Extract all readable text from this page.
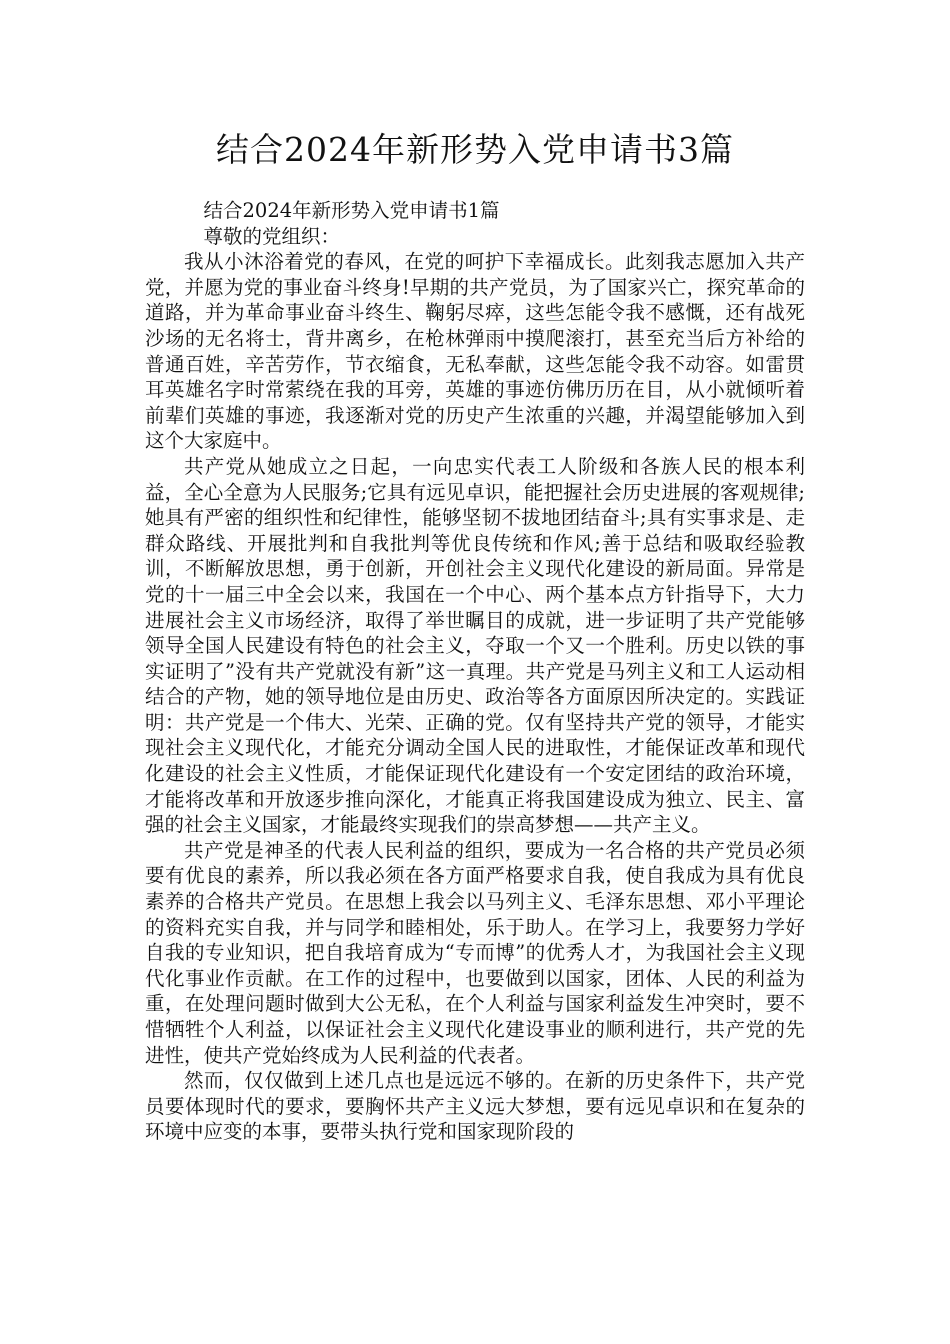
结合2024年新形势入党申请书3篇

结合2024年新形势入党申请书1篇

尊敬的党组织：

我从小沐浴着党的春风，在党的呵护下幸福成长。此刻我志愿加入共产党，并愿为党的事业奋斗终身!早期的共产党员，为了国家兴亡，探究革命的道路，并为革命事业奋斗终生、鞠躬尽瘁，这些怎能令我不感慨，还有战死沙场的无名将士，背井离乡，在枪林弹雨中摸爬滚打，甚至充当后方补给的普通百姓，辛苦劳作，节衣缩食，无私奉献，这些怎能令我不动容。如雷贯耳英雄名字时常萦绕在我的耳旁，英雄的事迹仿佛历历在目，从小就倾听着前辈们英雄的事迹，我逐渐对党的历史产生浓重的兴趣，并渴望能够加入到这个大家庭中。

共产党从她成立之日起，一向忠实代表工人阶级和各族人民的根本利益，全心全意为人民服务;它具有远见卓识，能把握社会历史进展的客观规律;她具有严密的组织性和纪律性，能够坚韧不拔地团结奋斗;具有实事求是、走群众路线、开展批判和自我批判等优良传统和作风;善于总结和吸取经验教训，不断解放思想，勇于创新，开创社会主义现代化建设的新局面。异常是党的十一届三中全会以来，我国在一个中心、两个基本点方针指导下，大力进展社会主义市场经济，取得了举世瞩目的成就，进一步证明了共产党能够领导全国人民建设有特色的社会主义，夺取一个又一个胜利。历史以铁的事实证明了”没有共产党就没有新”这一真理。共产党是马列主义和工人运动相结合的产物，她的领导地位是由历史、政治等各方面原因所决定的。实践证明：共产党是一个伟大、光荣、正确的党。仅有坚持共产党的领导，才能实现社会主义现代化，才能充分调动全国人民的进取性，才能保证改革和现代化建设的社会主义性质，才能保证现代化建设有一个安定团结的政治环境，才能将改革和开放逐步推向深化，才能真正将我国建设成为独立、民主、富强的社会主义国家，才能最终实现我们的崇高梦想——共产主义。

共产党是神圣的代表人民利益的组织，要成为一名合格的共产党员必须要有优良的素养，所以我必须在各方面严格要求自我，使自我成为具有优良素养的合格共产党员。在思想上我会以马列主义、毛泽东思想、邓小平理论的资料充实自我，并与同学和睦相处，乐于助人。在学习上，我要努力学好自我的专业知识，把自我培育成为“专而博”的优秀人才，为我国社会主义现代化事业作贡献。在工作的过程中，也要做到以国家，团体、人民的利益为重，在处理问题时做到大公无私，在个人利益与国家利益发生冲突时，要不惜牺牲个人利益，以保证社会主义现代化建设事业的顺利进行，共产党的先进性，使共产党始终成为人民利益的代表者。

然而，仅仅做到上述几点也是远远不够的。在新的历史条件下，共产党员要体现时代的要求，要胸怀共产主义远大梦想，要有远见卓识和在复杂的环境中应变的本事，要带头执行党和国家现阶段的
